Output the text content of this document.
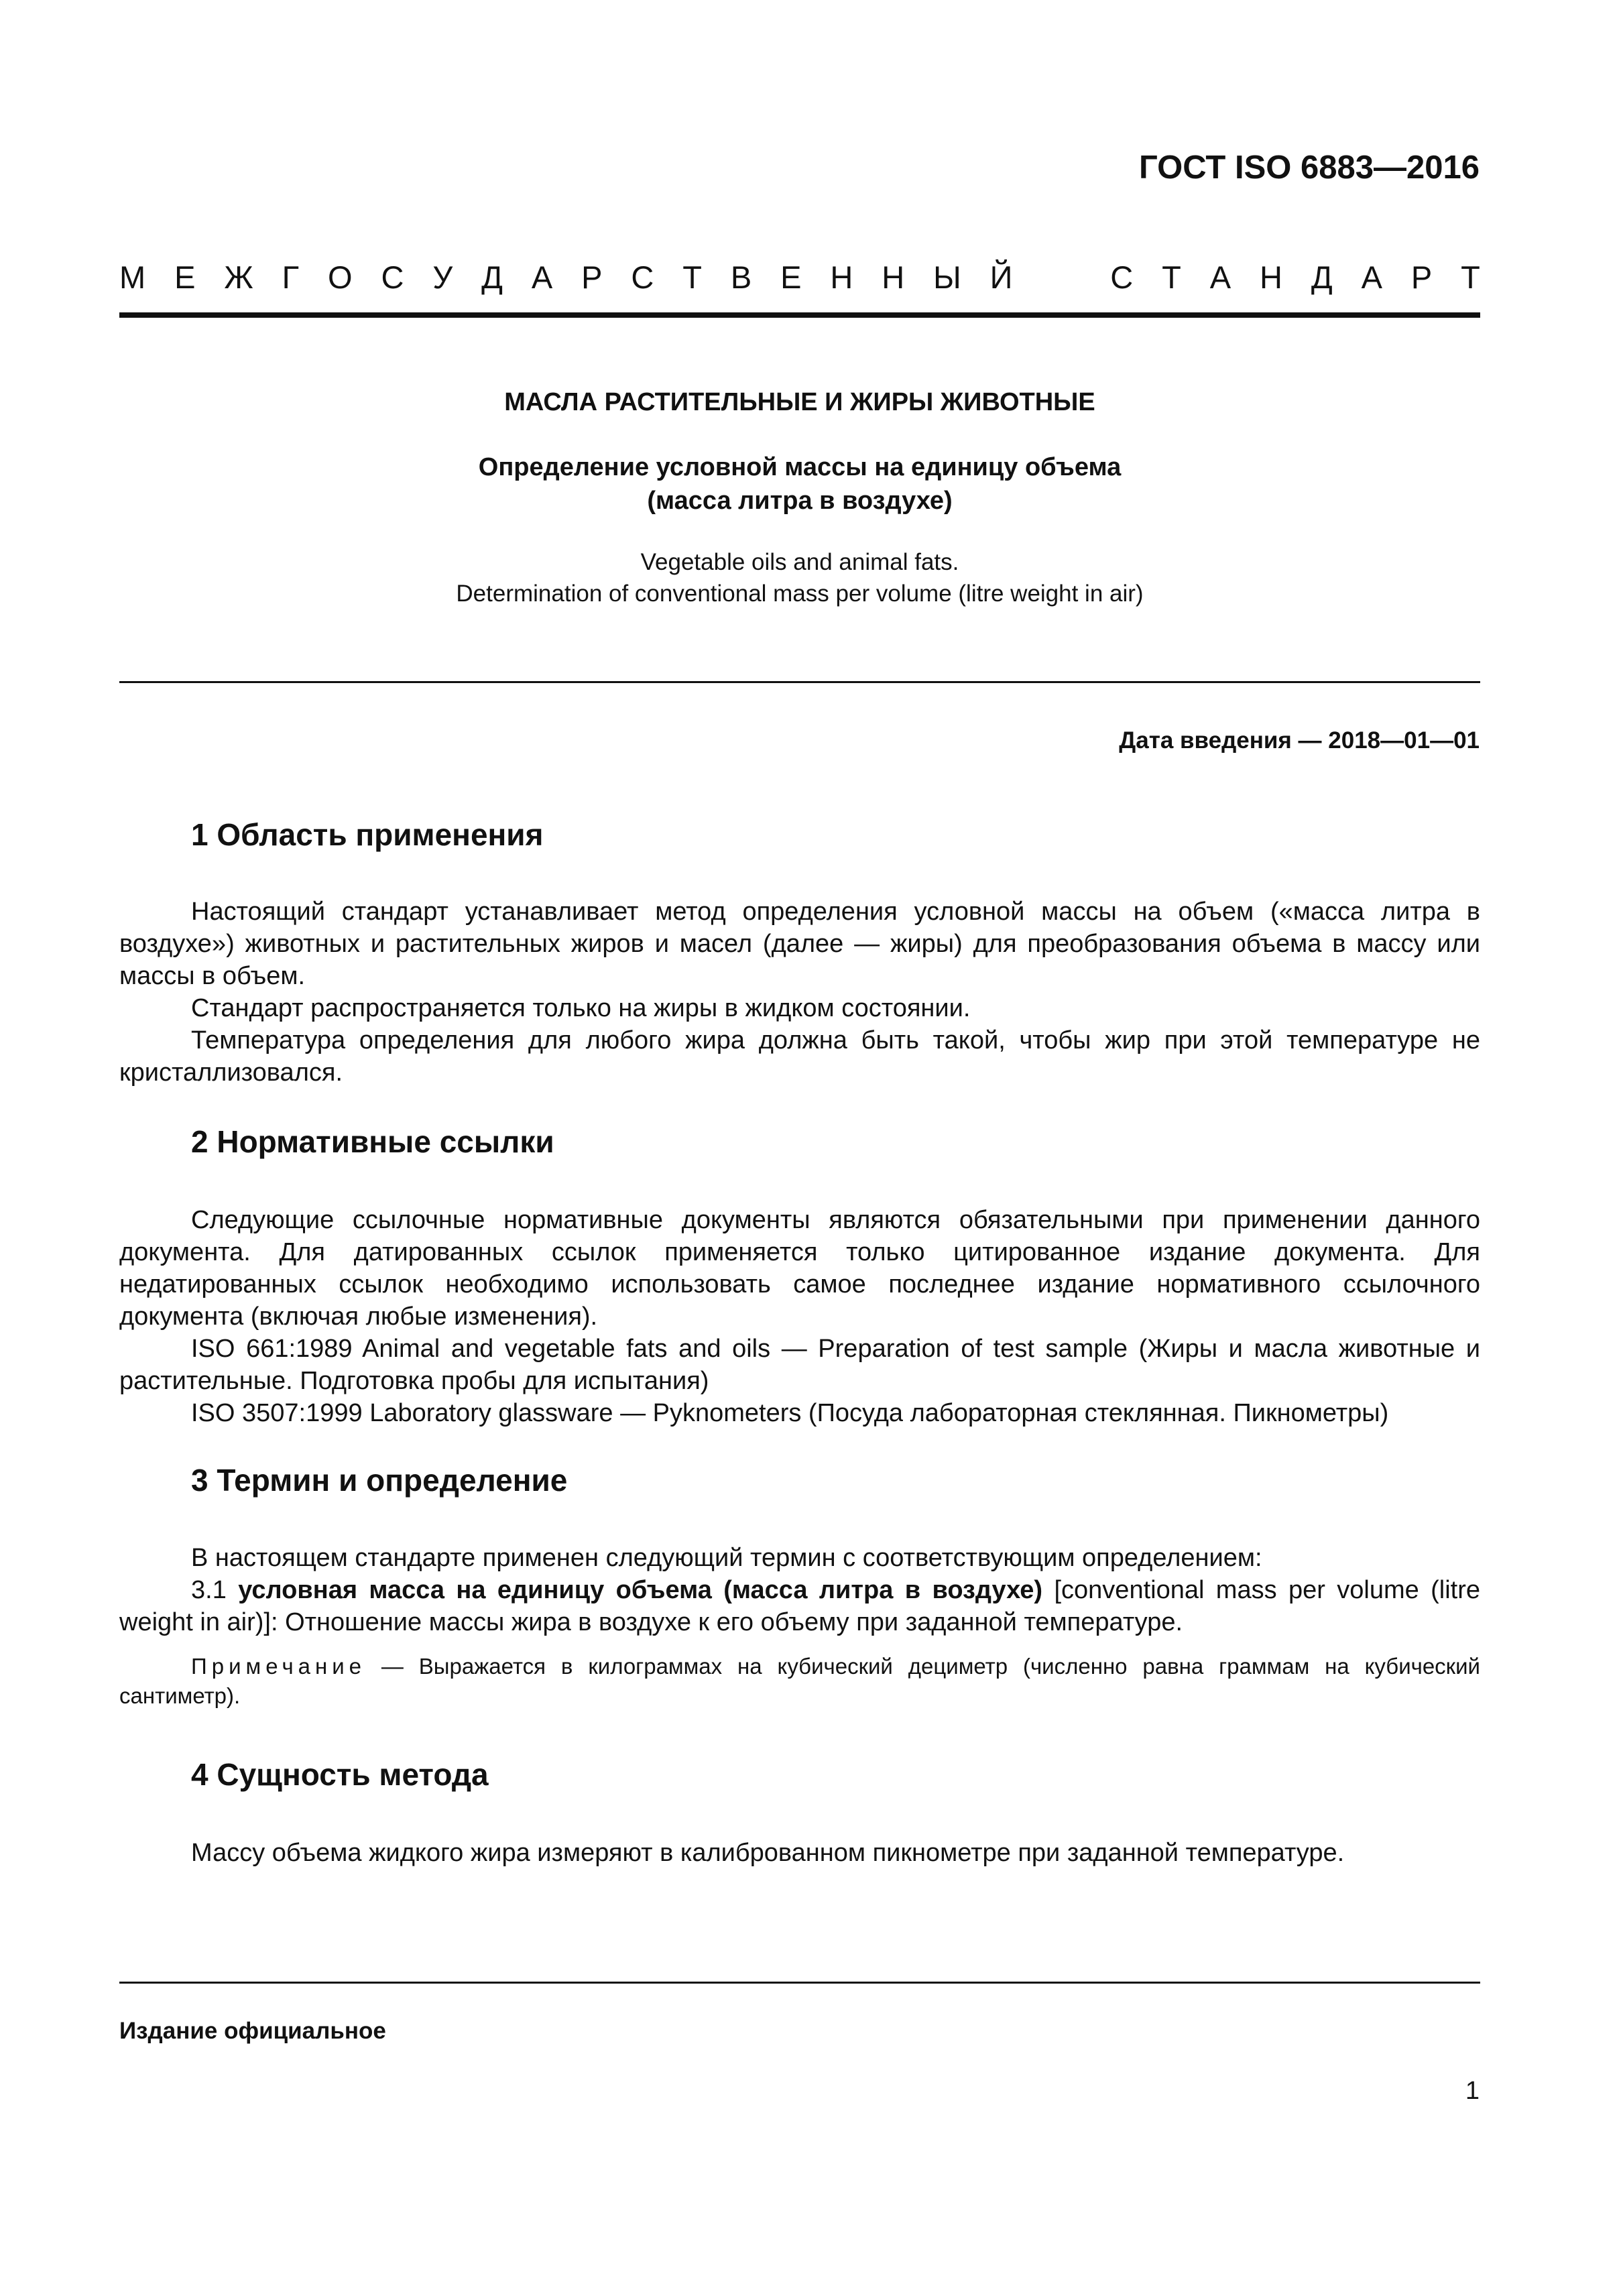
ГОСТ ISO 6883—2016
М Е Ж Г О С У Д А Р С Т В Е Н Н Ы Й	С Т А Н Д А Р Т
МАСЛА РАСТИТЕЛЬНЫЕ И ЖИРЫ ЖИВОТНЫЕ
Определение условной массы на единицу объема
(масса литра в воздухе)
Vegetable oils and animal fats.
Determination of conventional mass per volume (litre weight in air)
Дата введения — 2018—01—01
1 Область применения

Настоящий стандарт устанавливает метод определения условной массы на объем («масса литра в воздухе») животных и растительных жиров и масел (далее — жиры) для преобразования объема в массу или массы в объем.

Стандарт распространяется только на жиры в жидком состоянии.

Температура определения для любого жира должна быть такой, чтобы жир при этой температуре не кристаллизовался.

2 Нормативные ссылки

Следующие ссылочные нормативные документы являются обязательными при применении данного документа. Для датированных ссылок применяется только цитированное издание документа. Для недатированных ссылок необходимо использовать самое последнее издание нормативного ссылочного документа (включая любые изменения).

ISO 661:1989 Animal and vegetable fats and oils — Preparation of test sample (Жиры и масла животные и растительные. Подготовка пробы для испытания)

ISO 3507:1999 Laboratory glassware — Pyknometers (Посуда лабораторная стеклянная. Пикнометры)

3 Термин и определение

В настоящем стандарте применен следующий термин с соответствующим определением:

3.1 условная масса на единицу объема (масса литра в воздухе) [conventional mass per volume (litre weight in air)]: Отношение массы жира в воздухе к его объему при заданной температуре.

Примечание — Выражается в килограммах на кубический дециметр (численно равна граммам на кубический сантиметр).

4 Сущность метода

Массу объема жидкого жира измеряют в калиброванном пикнометре при заданной температуре.

Издание официальное
1
